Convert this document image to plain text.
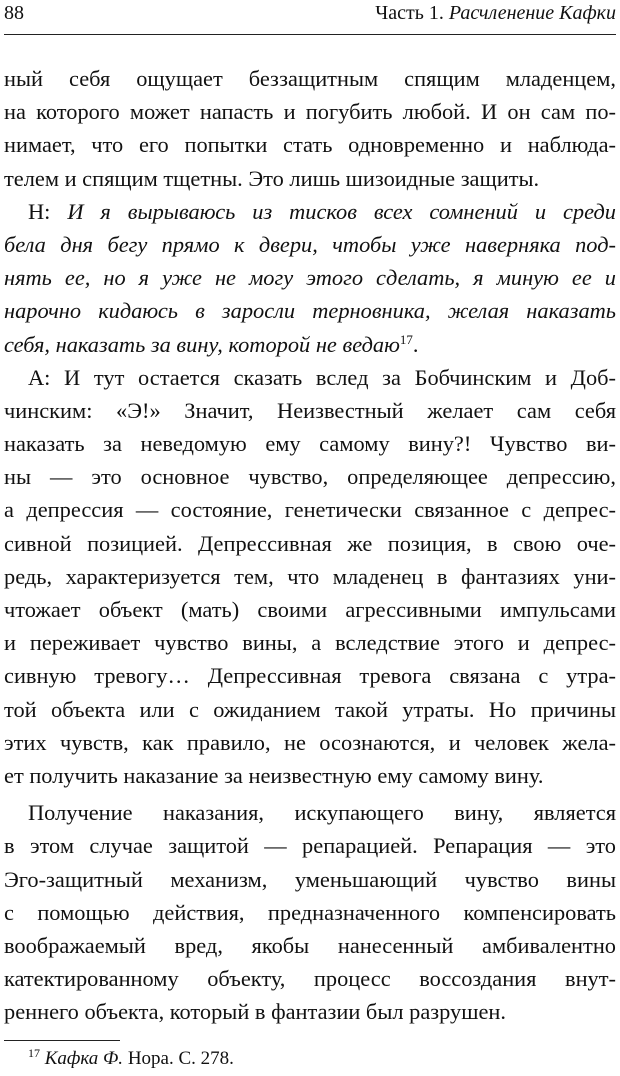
88	Часть 1. Расчленение Кафки
ный себя ощущает беззащитным спящим младенцем,
на которого может напасть и погубить любой. И он сам по-
нимает, что его попытки стать одновременно и наблюда-
телем и спящим тщетны. Это лишь шизоидные защиты.
Н: И я вырываюсь из тисков всех сомнений и среди
бела дня бегу прямо к двери, чтобы уже наверняка под-
нять ее, но я уже не могу этого сделать, я миную ее и
нарочно кидаюсь в заросли терновника, желая наказать
себя, наказать за вину, которой не ведаю$^{17}$.
А: И тут остается сказать вслед за Бобчинским и Доб-
чинским: «Э!» Значит, Неизвестный желает сам себя
наказать за неведомую ему самому вину?! Чувство ви-
ны — это основное чувство, определяющее депрессию,
а депрессия — состояние, генетически связанное с депрес-
сивной позицией. Депрессивная же позиция, в свою оче-
редь, характеризуется тем, что младенец в фантазиях уни-
чтожает объект (мать) своими агрессивными импульсами
и переживает чувство вины, а вследствие этого и депрес-
сивную тревогу… Депрессивная тревога связана с утра-
той объекта или с ожиданием такой утраты. Но причины
этих чувств, как правило, не осознаются, и человек жела-
ет получить наказание за неизвестную ему самому вину.
Получение наказания, искупающего вину, является
в этом случае защитой — репарацией. Репарация — это
Эго-защитный механизм, уменьшающий чувство вины
с помощью действия, предназначенного компенсировать
воображаемый вред, якобы нанесенный амбивалентно
катектированному объекту, процесс воссоздания внут-
реннего объекта, который в фантазии был разрушен.
$^{17}$ Кафка Ф. Нора. С. 278.
